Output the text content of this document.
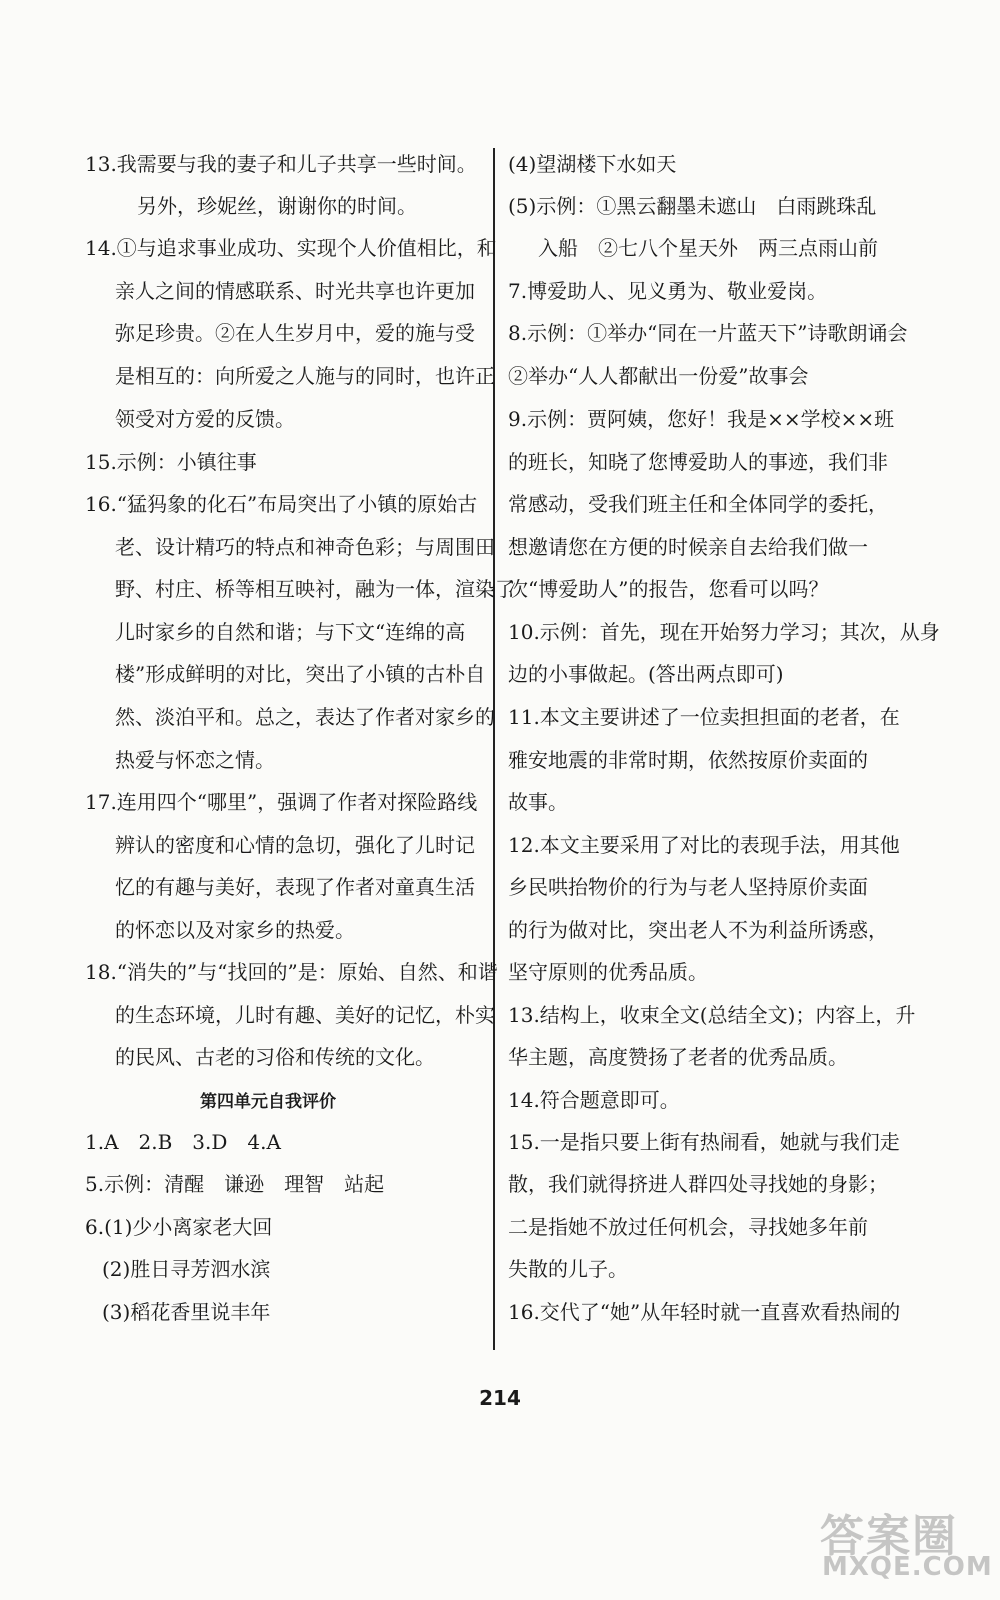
13.我需要与我的妻子和儿子共享一些时间。
另外，珍妮丝，谢谢你的时间。
14.①与追求事业成功、实现个人价值相比，和
亲人之间的情感联系、时光共享也许更加
弥足珍贵。②在人生岁月中，爱的施与受
是相互的：向所爱之人施与的同时，也许正
领受对方爱的反馈。
15.示例：小镇往事
16.“猛犸象的化石”布局突出了小镇的原始古
老、设计精巧的特点和神奇色彩；与周围田
野、村庄、桥等相互映衬，融为一体，渲染了
儿时家乡的自然和谐；与下文“连绵的高
楼”形成鲜明的对比，突出了小镇的古朴自
然、淡泊平和。总之，表达了作者对家乡的
热爱与怀恋之情。
17.连用四个“哪里”，强调了作者对探险路线
辨认的密度和心情的急切，强化了儿时记
忆的有趣与美好，表现了作者对童真生活
的怀恋以及对家乡的热爱。
18.“消失的”与“找回的”是：原始、自然、和谐
的生态环境，儿时有趣、美好的记忆，朴实
的民风、古老的习俗和传统的文化。
第四单元自我评价
1.A　2.B　3.D　4.A
5.示例：清醒　谦逊　理智　站起
6.(1)少小离家老大回
(2)胜日寻芳泗水滨
(3)稻花香里说丰年
(4)望湖楼下水如天
(5)示例：①黑云翻墨未遮山　白雨跳珠乱
入船　②七八个星天外　两三点雨山前
7.博爱助人、见义勇为、敬业爱岗。
8.示例：①举办“同在一片蓝天下”诗歌朗诵会
②举办“人人都献出一份爱”故事会
9.示例：贾阿姨，您好！我是××学校××班
的班长，知晓了您博爱助人的事迹，我们非
常感动，受我们班主任和全体同学的委托，
想邀请您在方便的时候亲自去给我们做一
次“博爱助人”的报告，您看可以吗？
10.示例：首先，现在开始努力学习；其次，从身
边的小事做起。(答出两点即可)
11.本文主要讲述了一位卖担担面的老者，在
雅安地震的非常时期，依然按原价卖面的
故事。
12.本文主要采用了对比的表现手法，用其他
乡民哄抬物价的行为与老人坚持原价卖面
的行为做对比，突出老人不为利益所诱惑，
坚守原则的优秀品质。
13.结构上，收束全文(总结全文)；内容上，升
华主题，高度赞扬了老者的优秀品质。
14.符合题意即可。
15.一是指只要上街有热闹看，她就与我们走
散，我们就得挤进人群四处寻找她的身影；
二是指她不放过任何机会，寻找她多年前
失散的儿子。
16.交代了“她”从年轻时就一直喜欢看热闹的
214
答案圈
MXQE.COM
